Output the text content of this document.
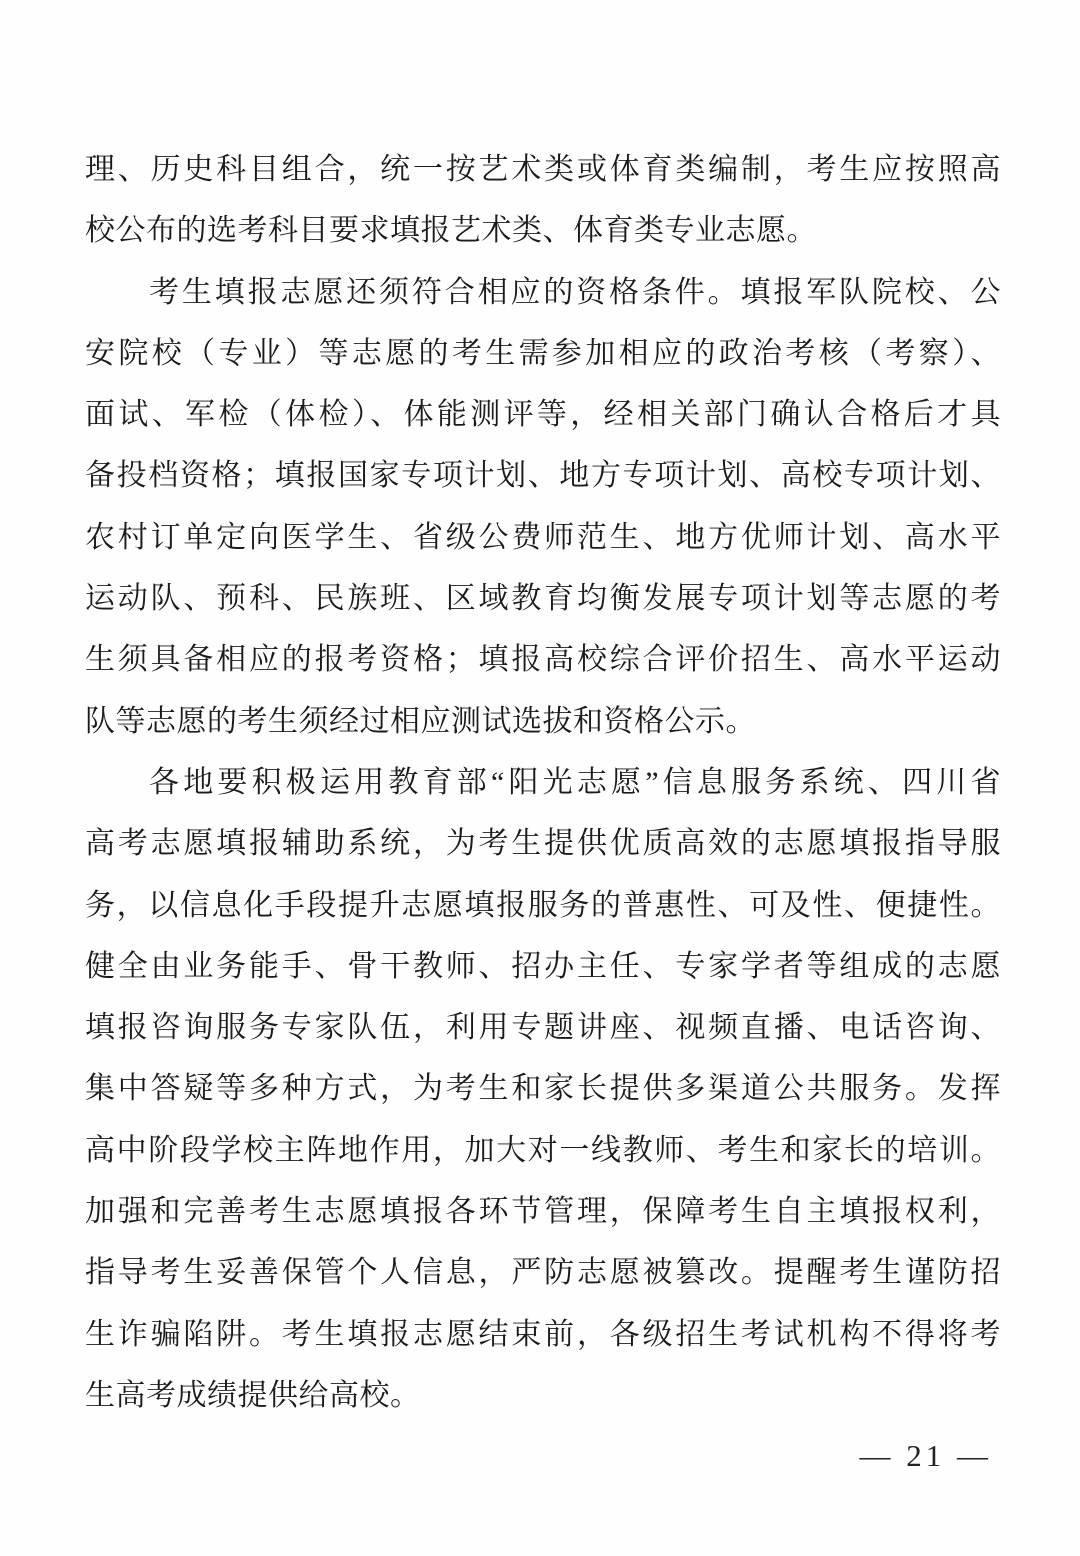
理、历史科目组合，统一按艺术类或体育类编制，考生应按照高
校公布的选考科目要求填报艺术类、体育类专业志愿。
考生填报志愿还须符合相应的资格条件。填报军队院校、公
安院校（专业）等志愿的考生需参加相应的政治考核（考察）、
面试、军检（体检）、体能测评等，经相关部门确认合格后才具
备投档资格；填报国家专项计划、地方专项计划、高校专项计划、
农村订单定向医学生、省级公费师范生、地方优师计划、高水平
运动队、预科、民族班、区域教育均衡发展专项计划等志愿的考
生须具备相应的报考资格；填报高校综合评价招生、高水平运动
队等志愿的考生须经过相应测试选拔和资格公示。
各地要积极运用教育部“阳光志愿”信息服务系统、四川省
高考志愿填报辅助系统，为考生提供优质高效的志愿填报指导服
务，以信息化手段提升志愿填报服务的普惠性、可及性、便捷性。
健全由业务能手、骨干教师、招办主任、专家学者等组成的志愿
填报咨询服务专家队伍，利用专题讲座、视频直播、电话咨询、
集中答疑等多种方式，为考生和家长提供多渠道公共服务。发挥
高中阶段学校主阵地作用，加大对一线教师、考生和家长的培训。
加强和完善考生志愿填报各环节管理，保障考生自主填报权利，
指导考生妥善保管个人信息，严防志愿被篡改。提醒考生谨防招
生诈骗陷阱。考生填报志愿结束前，各级招生考试机构不得将考
生高考成绩提供给高校。
— 21 —
